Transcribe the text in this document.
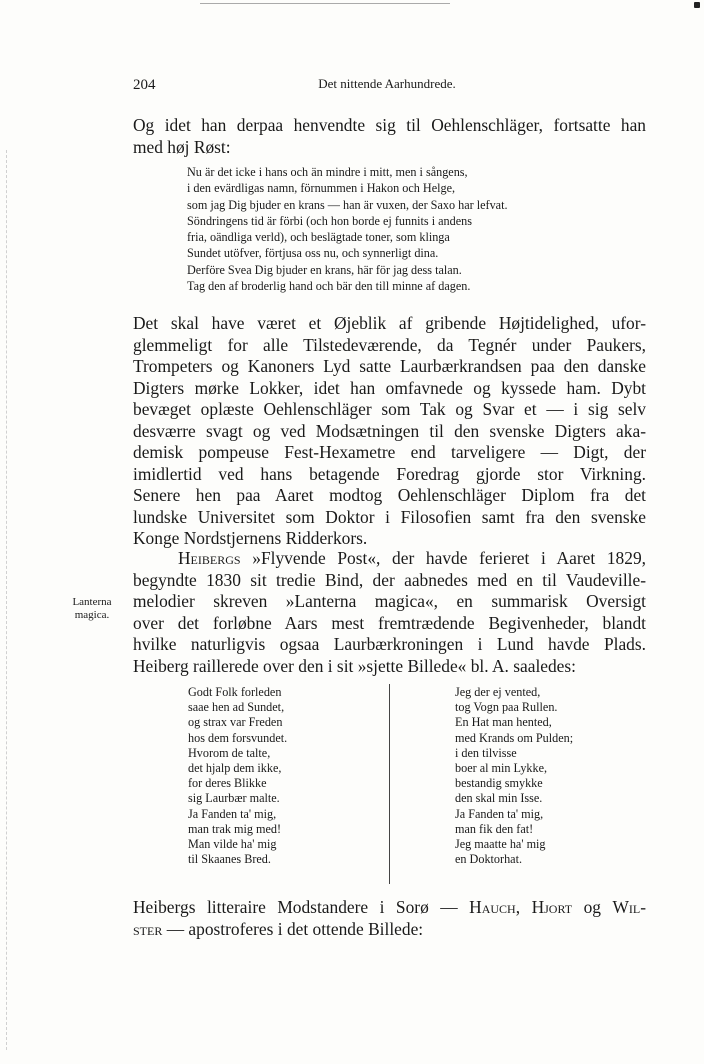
204	Det nittende Aarhundrede.

Og idet han derpaa henvendte sig til Oehlenschläger, fortsatte han

med høj Røst:

Nu är det icke i hans och än mindre i mitt, men i sångens,
i den evärdligas namn, förnummen i Hakon och Helge,
som jag Dig bjuder en krans — han är vuxen, der Saxo har lefvat.
Söndringens tid är förbi (och hon borde ej funnits i andens
fria, oändliga verld), och beslägtade toner, som klinga
Sundet utöfver, förtjusa oss nu, och synnerligt dina.
Derföre Svea Dig bjuder en krans, här för jag dess talan.
Tag den af broderlig hand och bär den till minne af dagen.

Det skal have været et Øjeblik af gribende Højtidelighed, ufor-

glemmeligt for alle Tilstedeværende, da Tegnér under Paukers,

Trompeters og Kanoners Lyd satte Laurbærkrandsen paa den danske

Digters mørke Lokker, idet han omfavnede og kyssede ham. Dybt

bevæget oplæste Oehlenschläger som Tak og Svar et — i sig selv

desværre svagt og ved Modsætningen til den svenske Digters aka-

demisk pompeuse Fest-Hexametre end tarveligere — Digt, der

imidlertid ved hans betagende Foredrag gjorde stor Virkning.

Senere hen paa Aaret modtog Oehlenschläger Diplom fra det

lundske Universitet som Doktor i Filosofien samt fra den svenske

Konge Nordstjernens Ridderkors.

Heibergs »Flyvende Post«, der havde ferieret i Aaret 1829,

begyndte 1830 sit tredie Bind, der aabnedes med en til Vaudeville-

melodier skreven »Lanterna magica«, en summarisk Oversigt

over det forløbne Aars mest fremtrædende Begivenheder, blandt

hvilke naturligvis ogsaa Laurbærkroningen i Lund havde Plads.

Heiberg raillerede over den i sit »sjette Billede« bl. A. saaledes:

Lanterna
magica.
Godt Folk forleden
saae hen ad Sundet,
og strax var Freden
hos dem forsvundet.
Hvorom de talte,
det hjalp dem ikke,
for deres Blikke
sig Laurbær malte.
Ja Fanden ta' mig,
man trak mig med!
Man vilde ha' mig
til Skaanes Bred.
Jeg der ej vented,
tog Vogn paa Rullen.
En Hat man hented,
med Krands om Pulden;
i den tilvisse
boer al min Lykke,
bestandig smykke
den skal min Isse.
Ja Fanden ta' mig,
man fik den fat!
Jeg maatte ha' mig
en Doktorhat.

Heibergs litteraire Modstandere i Sorø — Hauch, Hjort og Wil-

ster — apostroferes i det ottende Billede:
